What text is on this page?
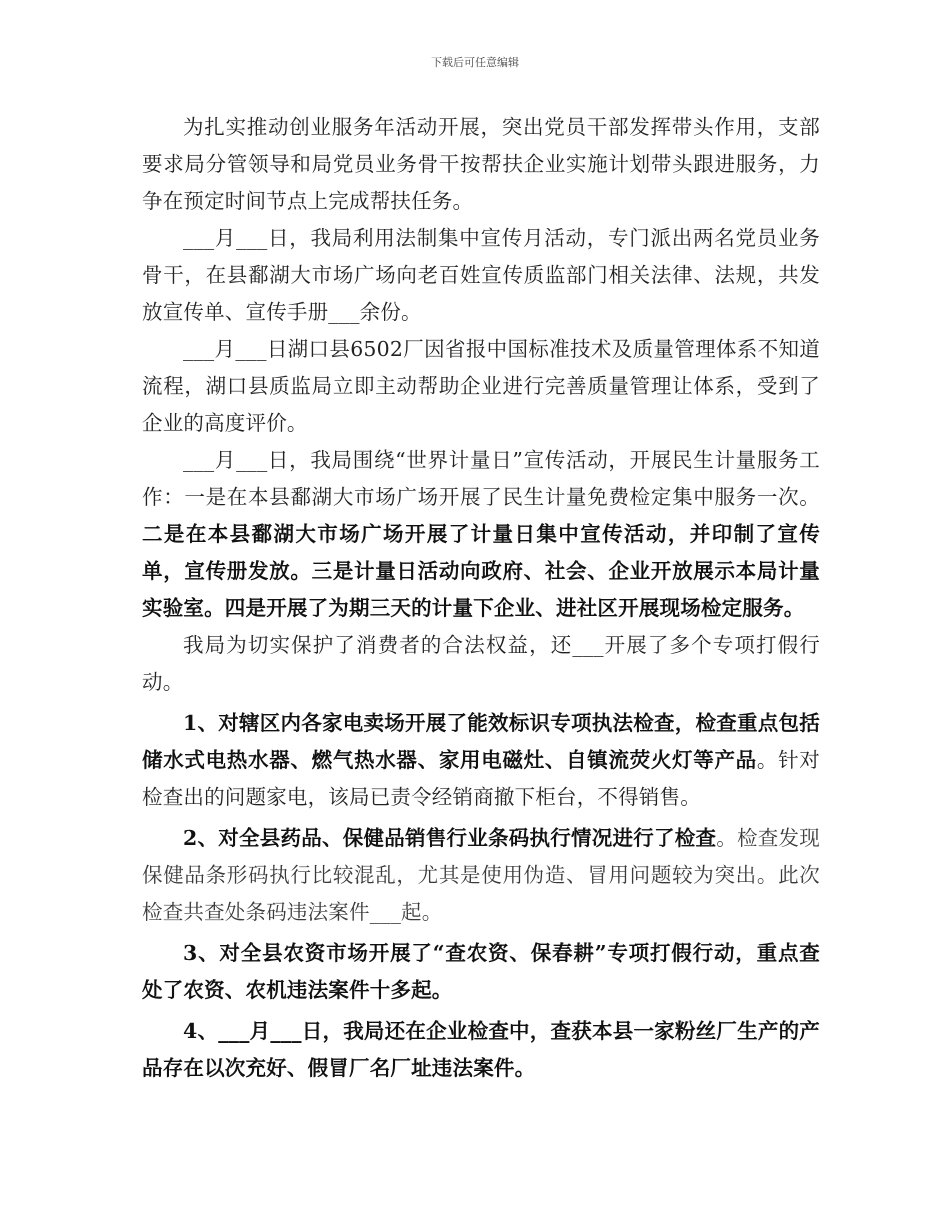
下载后可任意编辑

为扎实推动创业服务年活动开展，突出党员干部发挥带头作用，支部要求局分管领导和局党员业务骨干按帮扶企业实施计划带头跟进服务，力争在预定时间节点上完成帮扶任务。

___月___日，我局利用法制集中宣传月活动，专门派出两名党员业务骨干，在县鄱湖大市场广场向老百姓宣传质监部门相关法律、法规，共发放宣传单、宣传手册___余份。

___月___日湖口县6502厂因省报中国标准技术及质量管理体系不知道流程，湖口县质监局立即主动帮助企业进行完善质量管理让体系，受到了企业的高度评价。

___月___日，我局围绕“世界计量日”宣传活动，开展民生计量服务工作：一是在本县鄱湖大市场广场开展了民生计量免费检定集中服务一次。二是在本县鄱湖大市场广场开展了计量日集中宣传活动，并印制了宣传单，宣传册发放。三是计量日活动向政府、社会、企业开放展示本局计量实验室。四是开展了为期三天的计量下企业、进社区开展现场检定服务。

我局为切实保护了消费者的合法权益，还___开展了多个专项打假行动。

1、对辖区内各家电卖场开展了能效标识专项执法检查，检查重点包括储水式电热水器、燃气热水器、家用电磁灶、自镇流荧火灯等产品。针对检查出的问题家电，该局已责令经销商撤下柜台，不得销售。

2、对全县药品、保健品销售行业条码执行情况进行了检查。检查发现保健品条形码执行比较混乱，尤其是使用伪造、冒用问题较为突出。此次检查共查处条码违法案件___起。

3、对全县农资市场开展了“查农资、保春耕”专项打假行动，重点查处了农资、农机违法案件十多起。

4、___月___日，我局还在企业检查中，查获本县一家粉丝厂生产的产品存在以次充好、假冒厂名厂址违法案件。
